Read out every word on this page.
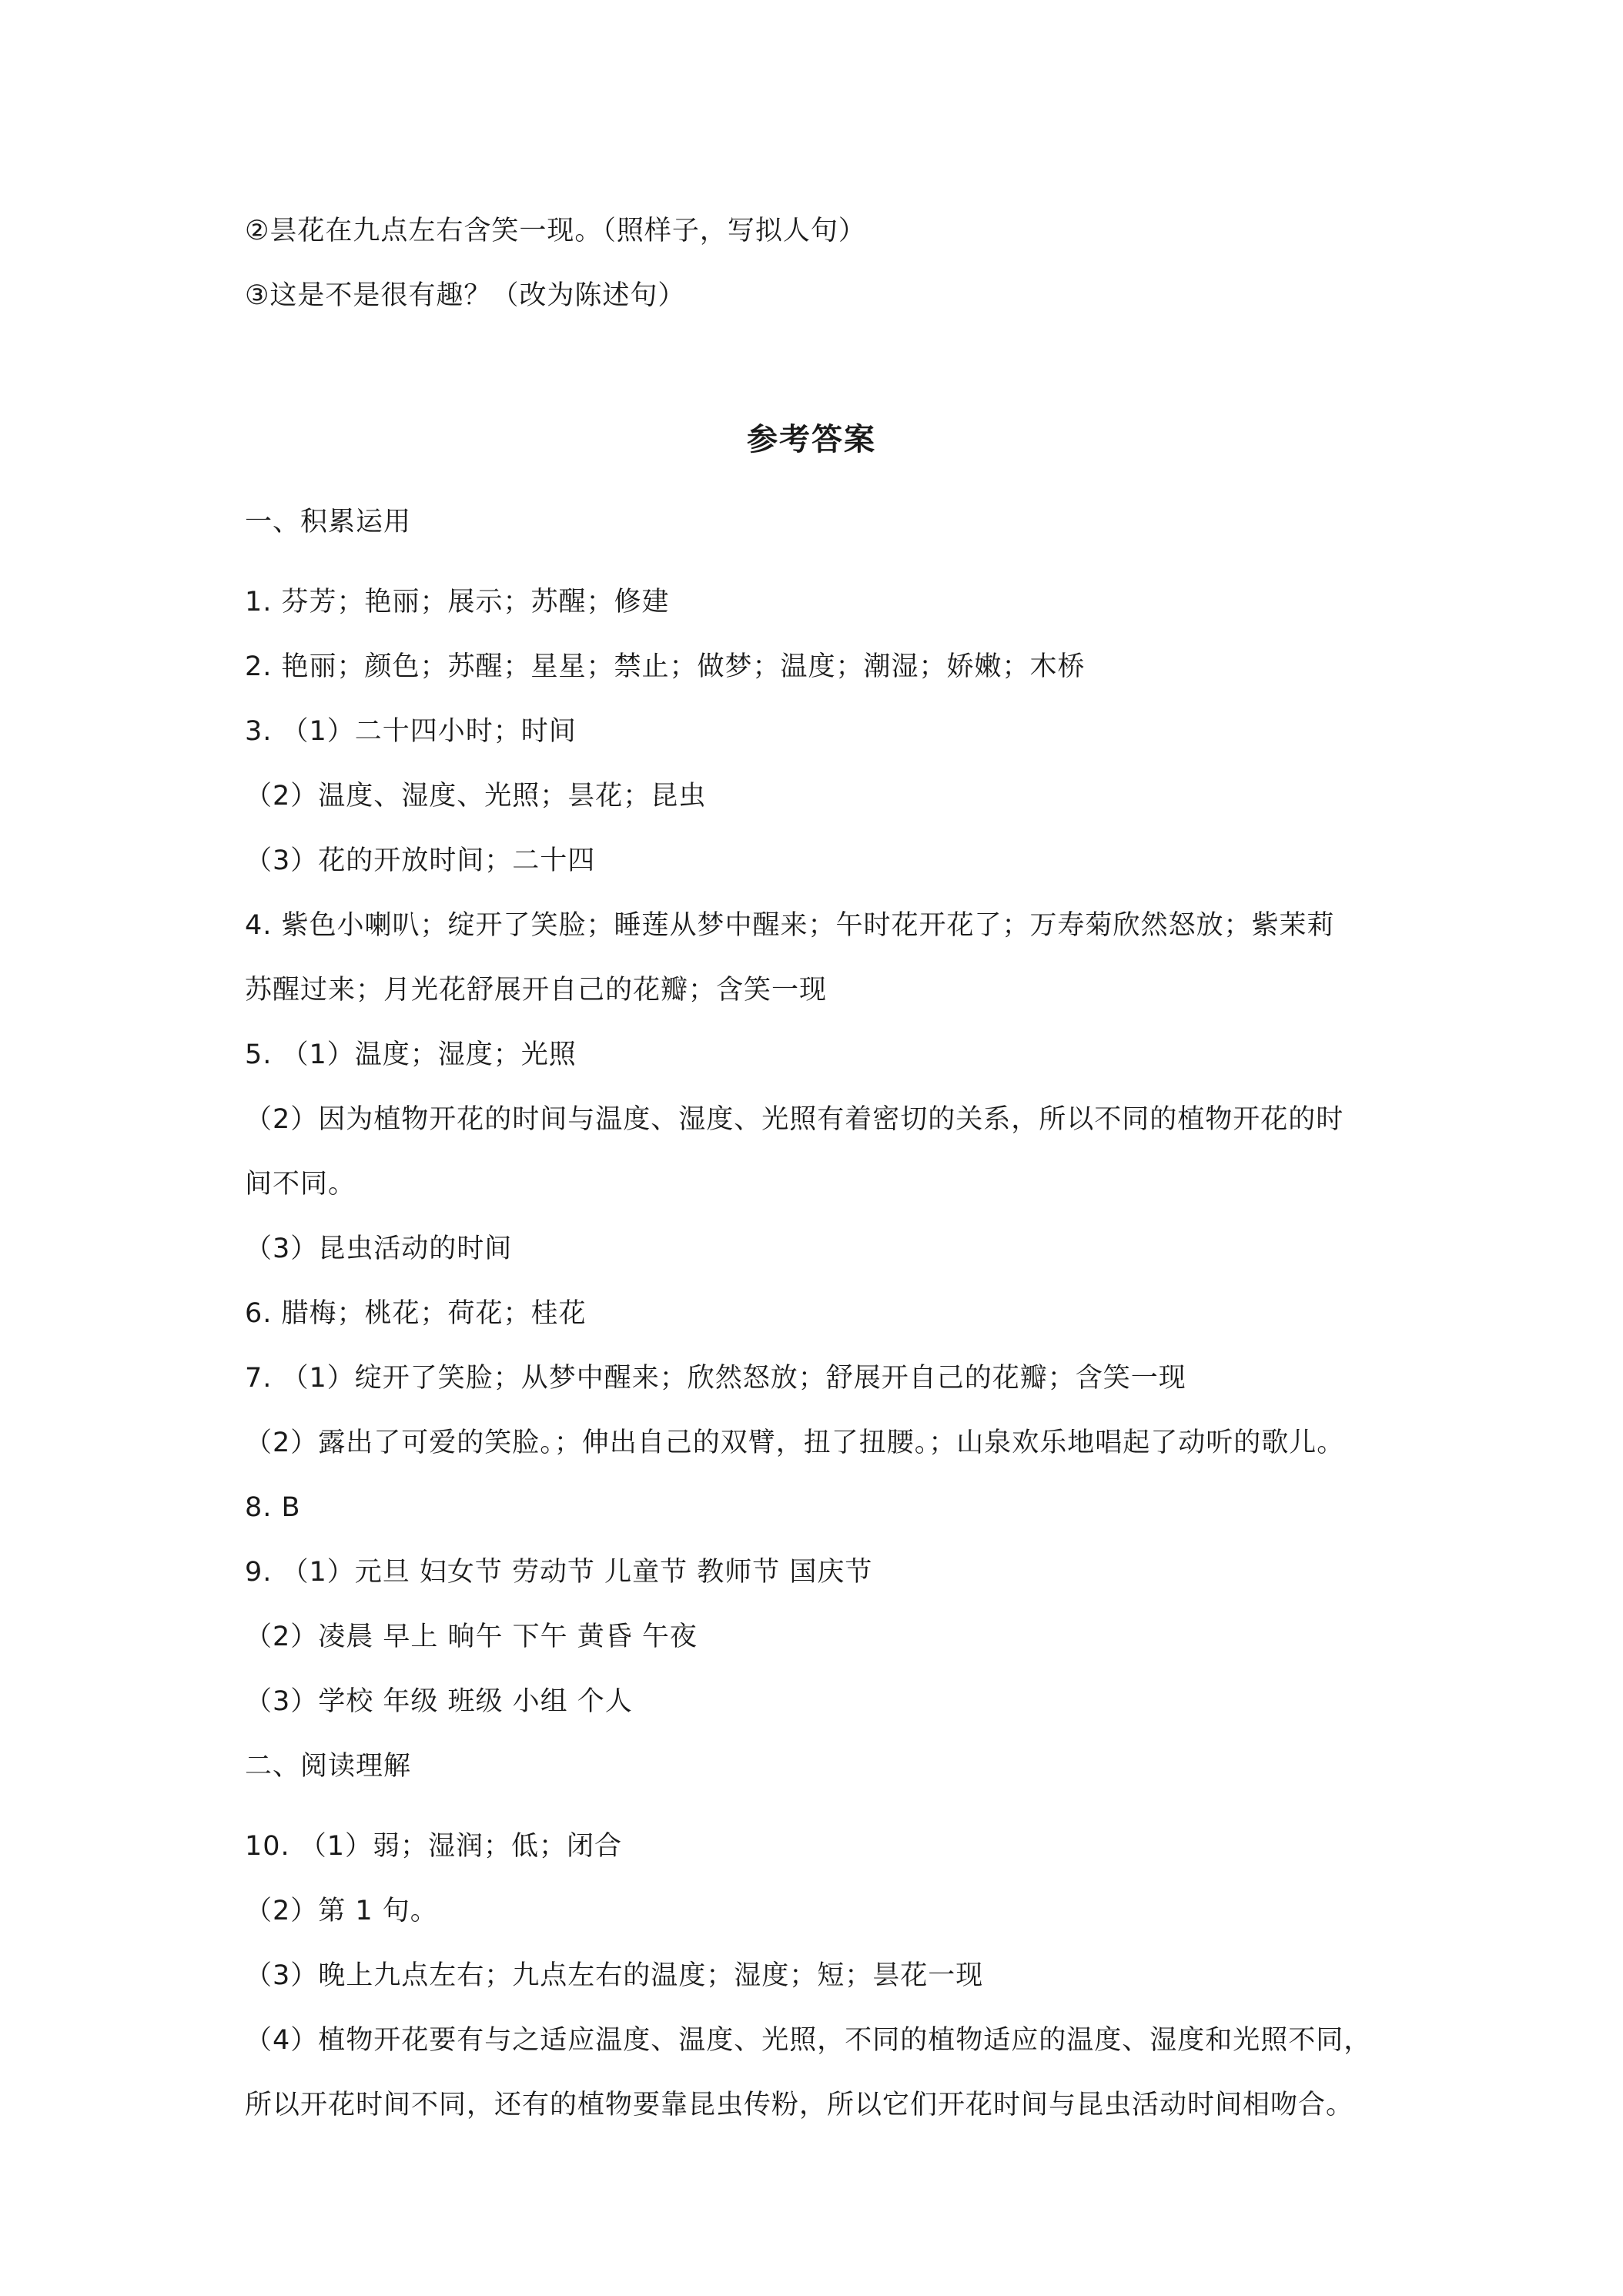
②昙花在九点左右含笑一现。（照样子，写拟人句）
③这是不是很有趣？（改为陈述句）
参考答案
一、积累运用
1. 芬芳；艳丽；展示；苏醒；修建
2. 艳丽；颜色；苏醒；星星；禁止；做梦；温度；潮湿；娇嫩；木桥
3. （1）二十四小时；时间
（2）温度、湿度、光照；昙花；昆虫
（3）花的开放时间；二十四
4. 紫色小喇叭；绽开了笑脸；睡莲从梦中醒来；午时花开花了；万寿菊欣然怒放；紫茉莉
苏醒过来；月光花舒展开自己的花瓣；含笑一现
5. （1）温度；湿度；光照
（2）因为植物开花的时间与温度、湿度、光照有着密切的关系，所以不同的植物开花的时
间不同。
（3）昆虫活动的时间
6. 腊梅；桃花；荷花；桂花
7. （1）绽开了笑脸；从梦中醒来；欣然怒放；舒展开自己的花瓣；含笑一现
（2）露出了可爱的笑脸。；伸出自己的双臂，扭了扭腰。；山泉欢乐地唱起了动听的歌儿。
8. B
9. （1）元旦 妇女节 劳动节 儿童节 教师节 国庆节
（2）凌晨 早上 晌午 下午 黄昏 午夜
（3）学校 年级 班级 小组 个人
二、阅读理解
10. （1）弱；湿润；低；闭合
（2）第 1 句。
（3）晚上九点左右；九点左右的温度；湿度；短；昙花一现
（4）植物开花要有与之适应温度、温度、光照，不同的植物适应的温度、湿度和光照不同，
所以开花时间不同，还有的植物要靠昆虫传粉，所以它们开花时间与昆虫活动时间相吻合。
